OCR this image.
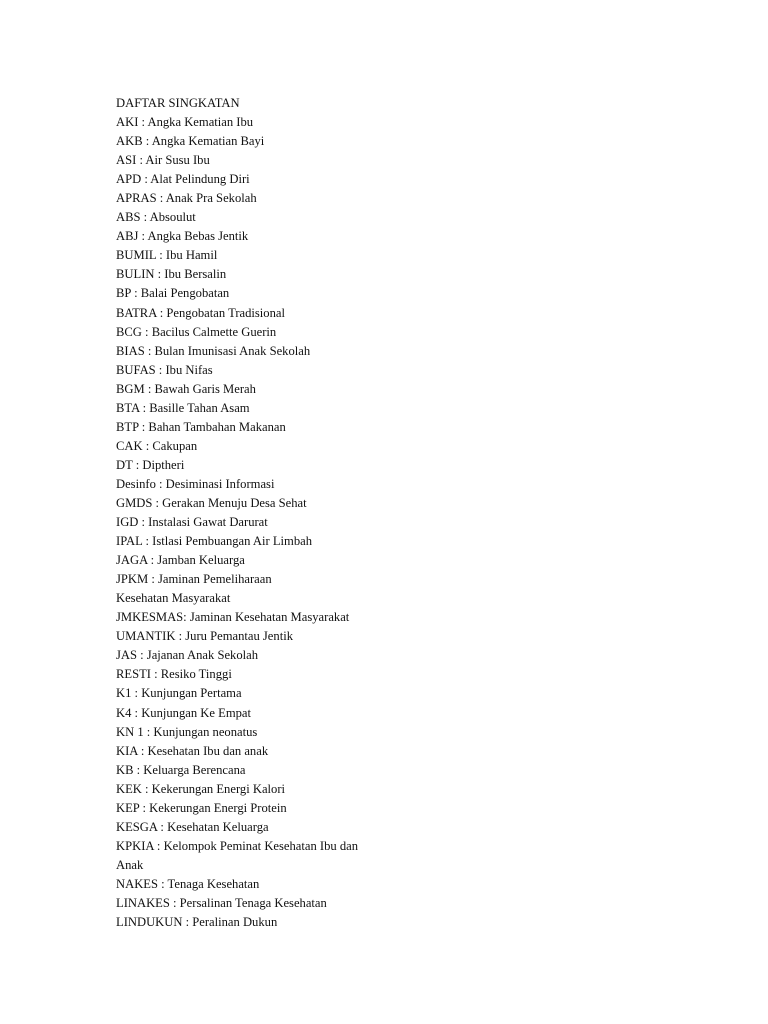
DAFTAR SINGKATAN
AKI : Angka Kematian Ibu
AKB : Angka Kematian Bayi
ASI : Air Susu Ibu
APD : Alat Pelindung Diri
APRAS : Anak Pra Sekolah
ABS : Absoulut
ABJ : Angka Bebas Jentik
BUMIL : Ibu Hamil
BULIN : Ibu Bersalin
BP : Balai Pengobatan
BATRA : Pengobatan Tradisional
BCG : Bacilus Calmette Guerin
BIAS : Bulan Imunisasi Anak Sekolah
BUFAS : Ibu Nifas
BGM : Bawah Garis Merah
BTA : Basille Tahan Asam
BTP : Bahan Tambahan Makanan
CAK : Cakupan
DT : Diptheri
Desinfo : Desiminasi Informasi
GMDS : Gerakan Menuju Desa Sehat
IGD : Instalasi Gawat Darurat
IPAL : Istlasi Pembuangan Air Limbah
JAGA : Jamban Keluarga
JPKM : Jaminan Pemeliharaan
Kesehatan Masyarakat
JMKESMAS: Jaminan Kesehatan Masyarakat
UMANTIK : Juru Pemantau Jentik
JAS : Jajanan Anak Sekolah
RESTI : Resiko Tinggi
K1 : Kunjungan Pertama
K4 : Kunjungan Ke Empat
KN 1 : Kunjungan neonatus
KIA : Kesehatan Ibu dan anak
KB : Keluarga Berencana
KEK : Kekerungan Energi Kalori
KEP : Kekerungan Energi Protein
KESGA : Kesehatan Keluarga
KPKIA : Kelompok Peminat Kesehatan Ibu dan
Anak
NAKES : Tenaga Kesehatan
LINAKES : Persalinan Tenaga Kesehatan
LINDUKUN : Peralinan Dukun
